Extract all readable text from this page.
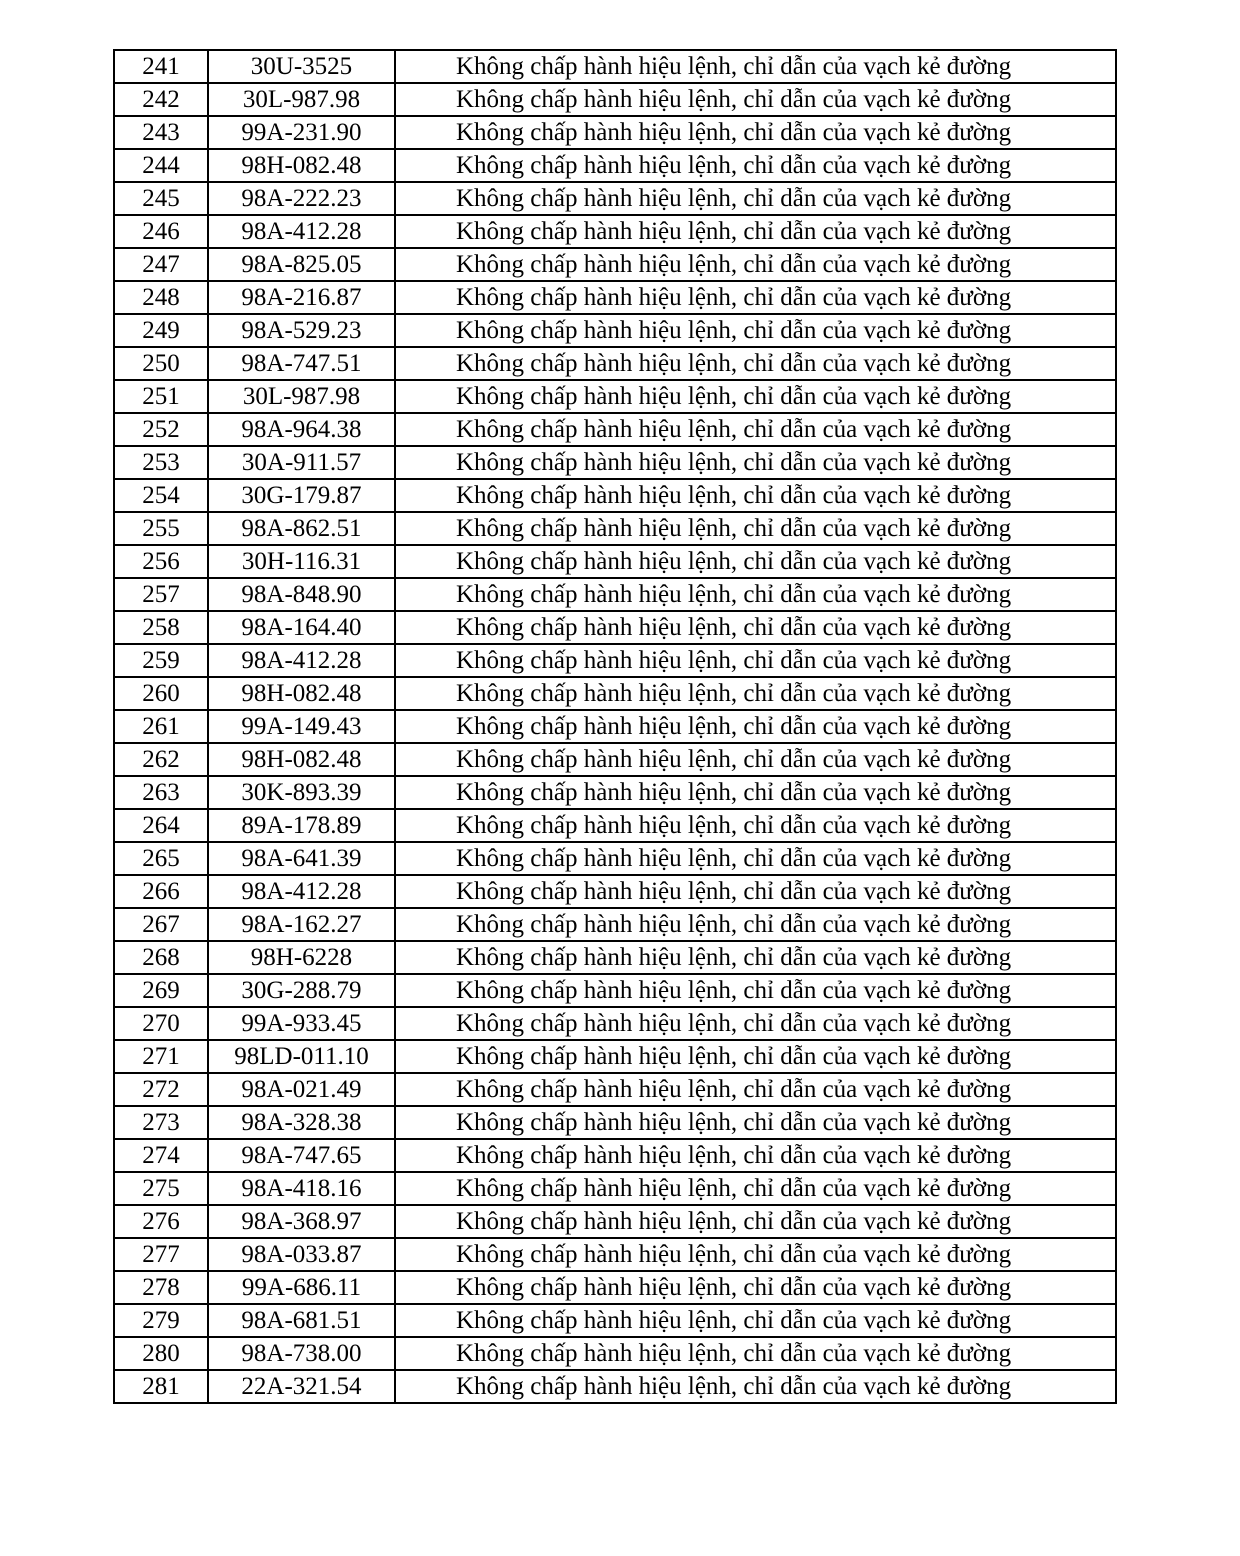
241	30U-3525	Không chấp hành hiệu lệnh, chỉ dẫn của vạch kẻ đường
242	30L-987.98	Không chấp hành hiệu lệnh, chỉ dẫn của vạch kẻ đường
243	99A-231.90	Không chấp hành hiệu lệnh, chỉ dẫn của vạch kẻ đường
244	98H-082.48	Không chấp hành hiệu lệnh, chỉ dẫn của vạch kẻ đường
245	98A-222.23	Không chấp hành hiệu lệnh, chỉ dẫn của vạch kẻ đường
246	98A-412.28	Không chấp hành hiệu lệnh, chỉ dẫn của vạch kẻ đường
247	98A-825.05	Không chấp hành hiệu lệnh, chỉ dẫn của vạch kẻ đường
248	98A-216.87	Không chấp hành hiệu lệnh, chỉ dẫn của vạch kẻ đường
249	98A-529.23	Không chấp hành hiệu lệnh, chỉ dẫn của vạch kẻ đường
250	98A-747.51	Không chấp hành hiệu lệnh, chỉ dẫn của vạch kẻ đường
251	30L-987.98	Không chấp hành hiệu lệnh, chỉ dẫn của vạch kẻ đường
252	98A-964.38	Không chấp hành hiệu lệnh, chỉ dẫn của vạch kẻ đường
253	30A-911.57	Không chấp hành hiệu lệnh, chỉ dẫn của vạch kẻ đường
254	30G-179.87	Không chấp hành hiệu lệnh, chỉ dẫn của vạch kẻ đường
255	98A-862.51	Không chấp hành hiệu lệnh, chỉ dẫn của vạch kẻ đường
256	30H-116.31	Không chấp hành hiệu lệnh, chỉ dẫn của vạch kẻ đường
257	98A-848.90	Không chấp hành hiệu lệnh, chỉ dẫn của vạch kẻ đường
258	98A-164.40	Không chấp hành hiệu lệnh, chỉ dẫn của vạch kẻ đường
259	98A-412.28	Không chấp hành hiệu lệnh, chỉ dẫn của vạch kẻ đường
260	98H-082.48	Không chấp hành hiệu lệnh, chỉ dẫn của vạch kẻ đường
261	99A-149.43	Không chấp hành hiệu lệnh, chỉ dẫn của vạch kẻ đường
262	98H-082.48	Không chấp hành hiệu lệnh, chỉ dẫn của vạch kẻ đường
263	30K-893.39	Không chấp hành hiệu lệnh, chỉ dẫn của vạch kẻ đường
264	89A-178.89	Không chấp hành hiệu lệnh, chỉ dẫn của vạch kẻ đường
265	98A-641.39	Không chấp hành hiệu lệnh, chỉ dẫn của vạch kẻ đường
266	98A-412.28	Không chấp hành hiệu lệnh, chỉ dẫn của vạch kẻ đường
267	98A-162.27	Không chấp hành hiệu lệnh, chỉ dẫn của vạch kẻ đường
268	98H-6228	Không chấp hành hiệu lệnh, chỉ dẫn của vạch kẻ đường
269	30G-288.79	Không chấp hành hiệu lệnh, chỉ dẫn của vạch kẻ đường
270	99A-933.45	Không chấp hành hiệu lệnh, chỉ dẫn của vạch kẻ đường
271	98LD-011.10	Không chấp hành hiệu lệnh, chỉ dẫn của vạch kẻ đường
272	98A-021.49	Không chấp hành hiệu lệnh, chỉ dẫn của vạch kẻ đường
273	98A-328.38	Không chấp hành hiệu lệnh, chỉ dẫn của vạch kẻ đường
274	98A-747.65	Không chấp hành hiệu lệnh, chỉ dẫn của vạch kẻ đường
275	98A-418.16	Không chấp hành hiệu lệnh, chỉ dẫn của vạch kẻ đường
276	98A-368.97	Không chấp hành hiệu lệnh, chỉ dẫn của vạch kẻ đường
277	98A-033.87	Không chấp hành hiệu lệnh, chỉ dẫn của vạch kẻ đường
278	99A-686.11	Không chấp hành hiệu lệnh, chỉ dẫn của vạch kẻ đường
279	98A-681.51	Không chấp hành hiệu lệnh, chỉ dẫn của vạch kẻ đường
280	98A-738.00	Không chấp hành hiệu lệnh, chỉ dẫn của vạch kẻ đường
281	22A-321.54	Không chấp hành hiệu lệnh, chỉ dẫn của vạch kẻ đường
